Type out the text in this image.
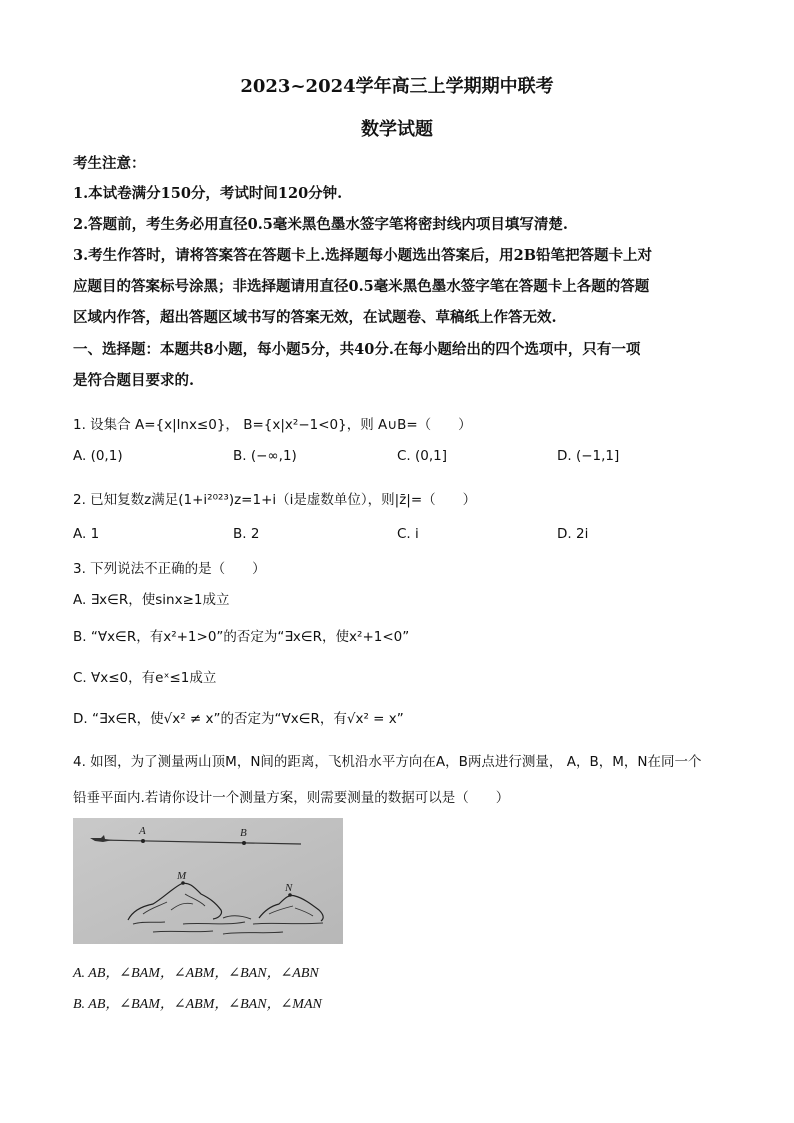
2023~2024学年高三上学期期中联考
数学试题
考生注意：
1.本试卷满分150分，考试时间120分钟.
2.答题前，考生务必用直径0.5毫米黑色墨水签字笔将密封线内项目填写清楚.
3.考生作答时，请将答案答在答题卡上.选择题每小题选出答案后，用2B铅笔把答题卡上对
应题目的答案标号涂黑；非选择题请用直径0.5毫米黑色墨水签字笔在答题卡上各题的答题
区域内作答，超出答题区域书写的答案无效，在试题卷、草稿纸上作答无效.
一、选择题：本题共8小题，每小题5分，共40分.在每小题给出的四个选项中，只有一项
是符合题目要求的.
1. 设集合 A={x|lnx≤0}， B={x|x²−1<0}，则 A∪B=（　　）
A. (0,1)	B. (−∞,1)	C. (0,1]	D. (−1,1]
2. 已知复数z满足(1+i²⁰²³)z=1+i（i是虚数单位），则|z̄|=（　　）
A. 1	B. 2	C. i	D. 2i
3. 下列说法不正确的是（　　）
A. ∃x∈R，使sinx≥1成立
B. “∀x∈R，有x²+1>0”的否定为“∃x∈R，使x²+1<0”
C. ∀x≤0，有eˣ≤1成立
D. “∃x∈R，使√x² ≠ x”的否定为“∀x∈R，有√x² = x”
4. 如图，为了测量两山顶M，N间的距离，飞机沿水平方向在A，B两点进行测量， A，B，M，N在同一个
铅垂平面内.若请你设计一个测量方案，则需要测量的数据可以是（　　）
A	B
M
N
A. AB，∠BAM，∠ABM，∠BAN，∠ABN
B. AB，∠BAM，∠ABM，∠BAN，∠MAN
